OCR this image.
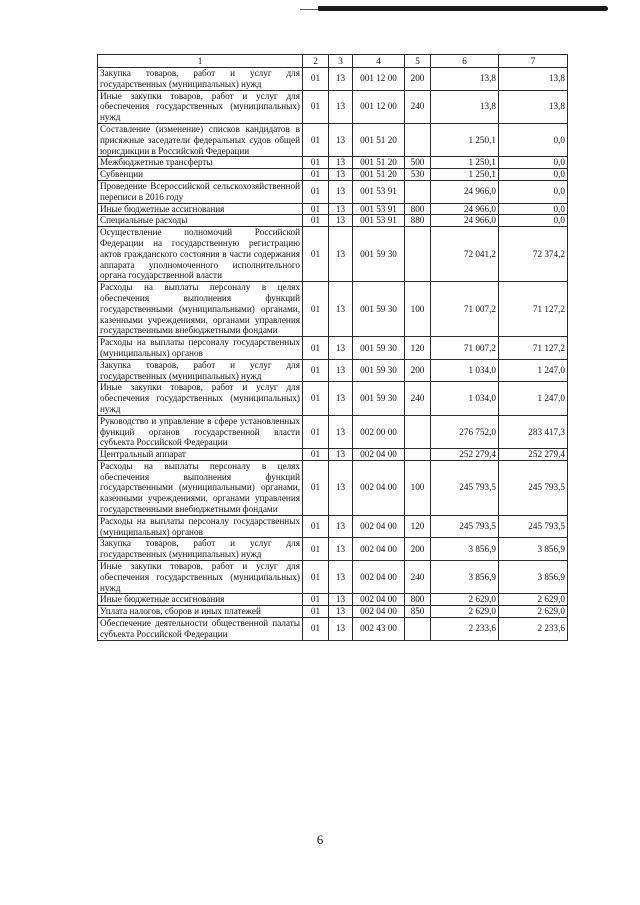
1	2	3	4	5	6	7
Закупка товаров, работ и услуг для государственных (муниципальных) нужд	01	13	001 12 00	200	13,8	13,8
Иные закупки товаров, работ и услуг для обеспечения государственных (муниципальных) нужд	01	13	001 12 00	240	13,8	13,8
Составление (изменение) списков кандидатов в присяжные заседатели федеральных судов общей юрисдикции в Российской Федерации	01	13	001 51 20		1 250,1	0,0
Межбюджетные трансферты	01	13	001 51 20	500	1 250,1	0,0
Субвенции	01	13	001 51 20	530	1 250,1	0,0
Проведение Всероссийской сельскохозяйственной переписи в 2016 году	01	13	001 53 91		24 966,0	0,0
Иные бюджетные ассигнования	01	13	001 53 91	800	24 966,0	0,0
Специальные расходы	01	13	001 53 91	880	24 966,0	0,0
Осуществление полномочий Российской Федерации на государственную регистрацию актов гражданского состояния в части содержания аппарата уполномоченного исполнительного органа государственной власти	01	13	001 59 30		72 041,2	72 374,2
Расходы на выплаты персоналу в целях обеспечения выполнения функций государственными (муниципальными) органами, казенными учреждениями, органами управления государственными внебюджетными фондами	01	13	001 59 30	100	71 007,2	71 127,2
Расходы на выплаты персоналу государственных (муниципальных) органов	01	13	001 59 30	120	71 007,2	71 127,2
Закупка товаров, работ и услуг для государственных (муниципальных) нужд	01	13	001 59 30	200	1 034,0	1 247,0
Иные закупки товаров, работ и услуг для обеспечения государственных (муниципальных) нужд	01	13	001 59 30	240	1 034,0	1 247,0
Руководство и управление в сфере установленных функций органов государственной власти субъекта Российской Федерации	01	13	002 00 00		276 752,0	283 417,3
Центральный аппарат	01	13	002 04 00		252 279,4	252 279,4
Расходы на выплаты персоналу в целях обеспечения выполнения функций государственными (муниципальными) органами, казенными учреждениями, органами управления государственными внебюджетными фондами	01	13	002 04 00	100	245 793,5	245 793,5
Расходы на выплаты персоналу государственных (муниципальных) органов	01	13	002 04 00	120	245 793,5	245 793,5
Закупка товаров, работ и услуг для государственных (муниципальных) нужд	01	13	002 04 00	200	3 856,9	3 856,9
Иные закупки товаров, работ и услуг для обеспечения государственных (муниципальных) нужд	01	13	002 04 00	240	3 856,9	3 856,9
Иные бюджетные ассигнования	01	13	002 04 00	800	2 629,0	2 629,0
Уплата налогов, сборов и иных платежей	01	13	002 04 00	850	2 629,0	2 629,0
Обеспечение деятельности общественной палаты субъекта Российской Федерации	01	13	002 43 00		2 233,6	2 233,6
6
